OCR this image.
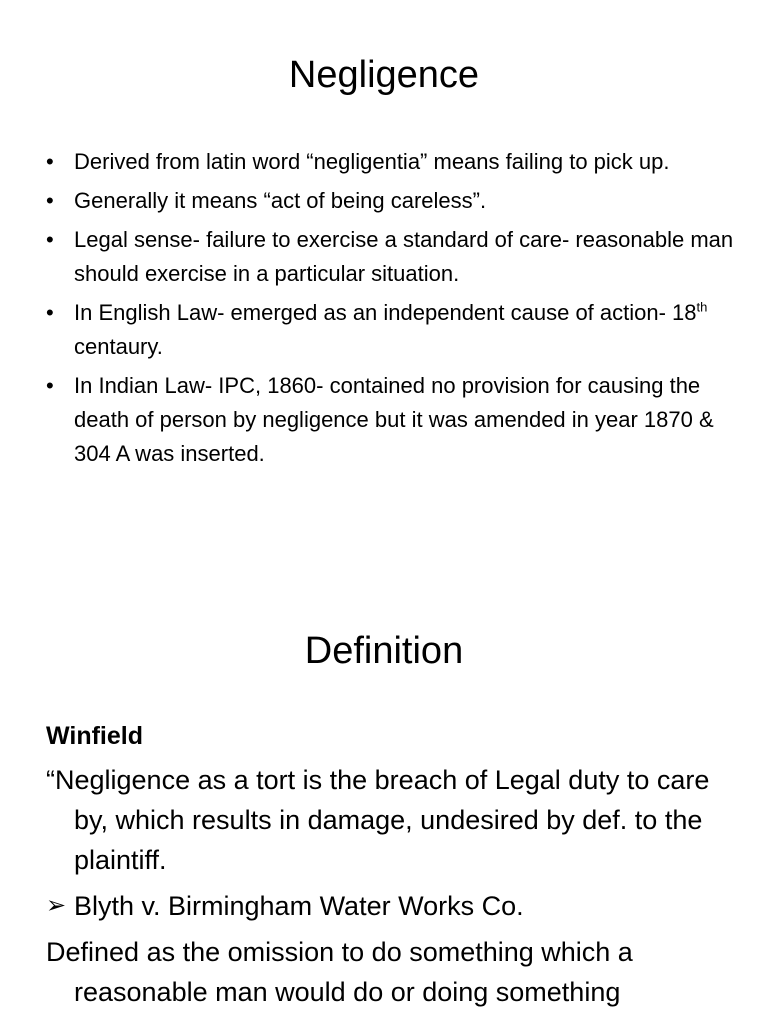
Negligence
• Derived from latin word “negligentia” means failing to pick up.
• Generally it means “act of being careless”.
• Legal sense- failure to exercise a standard of care- reasonable man should exercise in a particular situation.
• In English Law- emerged as an independent cause of action- 18th centaury.
• In Indian Law- IPC, 1860- contained no provision for causing the death of person by negligence but it was amended in year 1870 & 304 A was inserted.
Definition
Winfield

“Negligence as a tort is the breach of Legal duty to care by, which results in damage, undesired by def. to the plaintiff.

➢ Blyth v. Birmingham Water Works Co.

Defined as the omission to do something which a reasonable man would do or doing something
